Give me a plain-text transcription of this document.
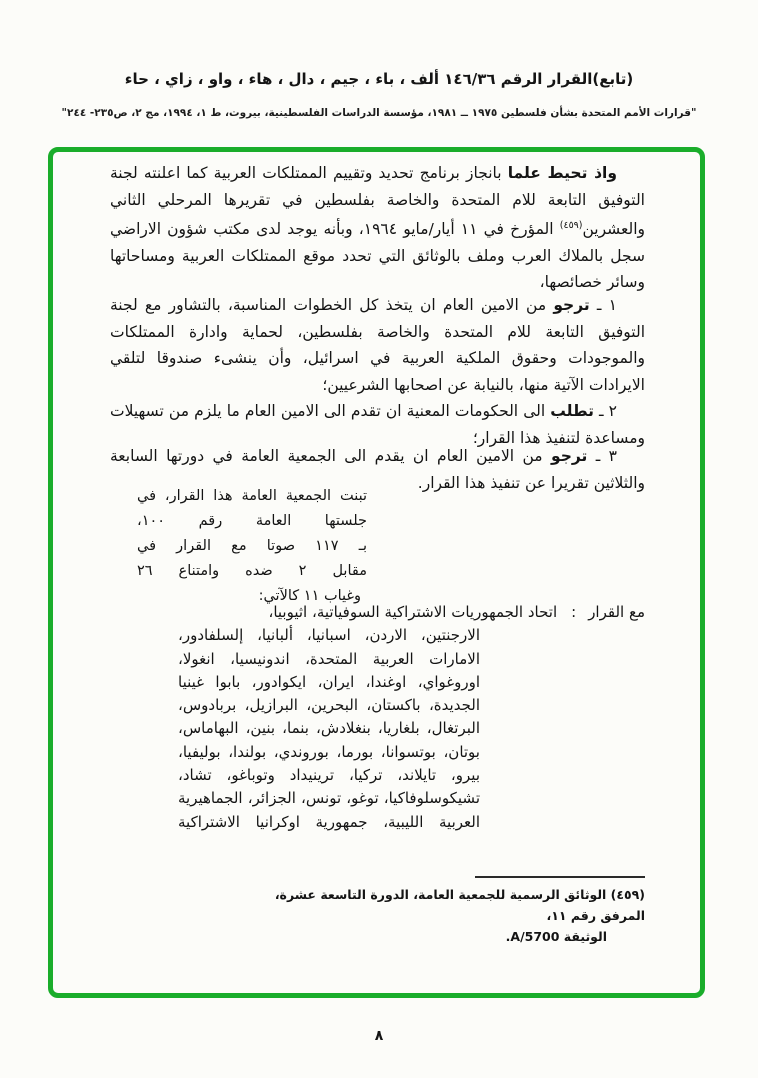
(تابع)القرار الرقم ١٤٦/٣٦ ألف ، باء ، جيم ، دال ، هاء ، واو ، زاي ، حاء
"قرارات الأمم المتحدة بشأن فلسطين ١٩٧٥ ــ ١٩٨١، مؤسسة الدراسات الفلسطينية، بيروت، ط ١، ١٩٩٤، مج ٢، ص٢٣٥- ٢٤٤"

واذ تحيط علما بانجاز برنامج تحديد وتقييم الممتلكات العربية كما اعلنته لجنة التوفيق التابعة للام المتحدة والخاصة بفلسطين في تقريرها المرحلي الثاني والعشرين$^{(٤٥٩)}$ المؤرخ في ١١ أيار/مايو ١٩٦٤، وبأنه يوجد لدى مكتب شؤون الاراضي سجل بالملاك العرب وملف بالوثائق التي تحدد موقع الممتلكات العربية ومساحاتها وسائر خصائصها،

١ ـ ترجو من الامين العام ان يتخذ كل الخطوات المناسبة، بالتشاور مع لجنة التوفيق التابعة للام المتحدة والخاصة بفلسطين، لحماية وادارة الممتلكات والموجودات وحقوق الملكية العربية في اسرائيل، وأن ينشىء صندوقا لتلقي الايرادات الآتية منها، بالنيابة عن اصحابها الشرعيين؛

٢ ـ تطلب الى الحكومات المعنية ان تقدم الى الامين العام ما يلزم من تسهيلات ومساعدة لتنفيذ هذا القرار؛

٣ ـ ترجو من الامين العام ان يقدم الى الجمعية العامة في دورتها السابعة والثلاثين تقريرا عن تنفيذ هذا القرار.

تبنت الجمعية العامة هذا القرار، في
جلستها العامة رقم ١٠٠،
بـ ١١٧ صوتا مع القرار في
مقابل ٢ ضده وامتناع ٢٦
وغياب ١١ كالآتي:
مع القرار:اتحاد الجمهوريات الاشتراكية السوفياتية، اثيوبيا،
الارجنتين، الاردن، اسبانيا، ألبانيا، إلسلفادور،
الامارات العربية المتحدة، اندونيسيا، انغولا،
اوروغواي، اوغندا، ايران، ايكوادور، بابوا غينيا
الجديدة، باكستان، البحرين، البرازيل، بربادوس،
البرتغال، بلغاريا، بنغلادش، بنما، بنين، البهاماس،
بوتان، بوتسوانا، بورما، بوروندي، بولندا، بوليفيا،
بيرو، تايلاند، تركيا، ترينيداد وتوباغو، تشاد،
تشيكوسلوفاكيا، توغو، تونس، الجزائر، الجماهيرية
العربية الليبية، جمهورية اوكرانيا الاشتراكية
(٤٥٩) الوثائق الرسمية للجمعية العامة، الدورة التاسعة عشرة، المرفق رقم ١١،
الوثيقة A/5700.
٨
